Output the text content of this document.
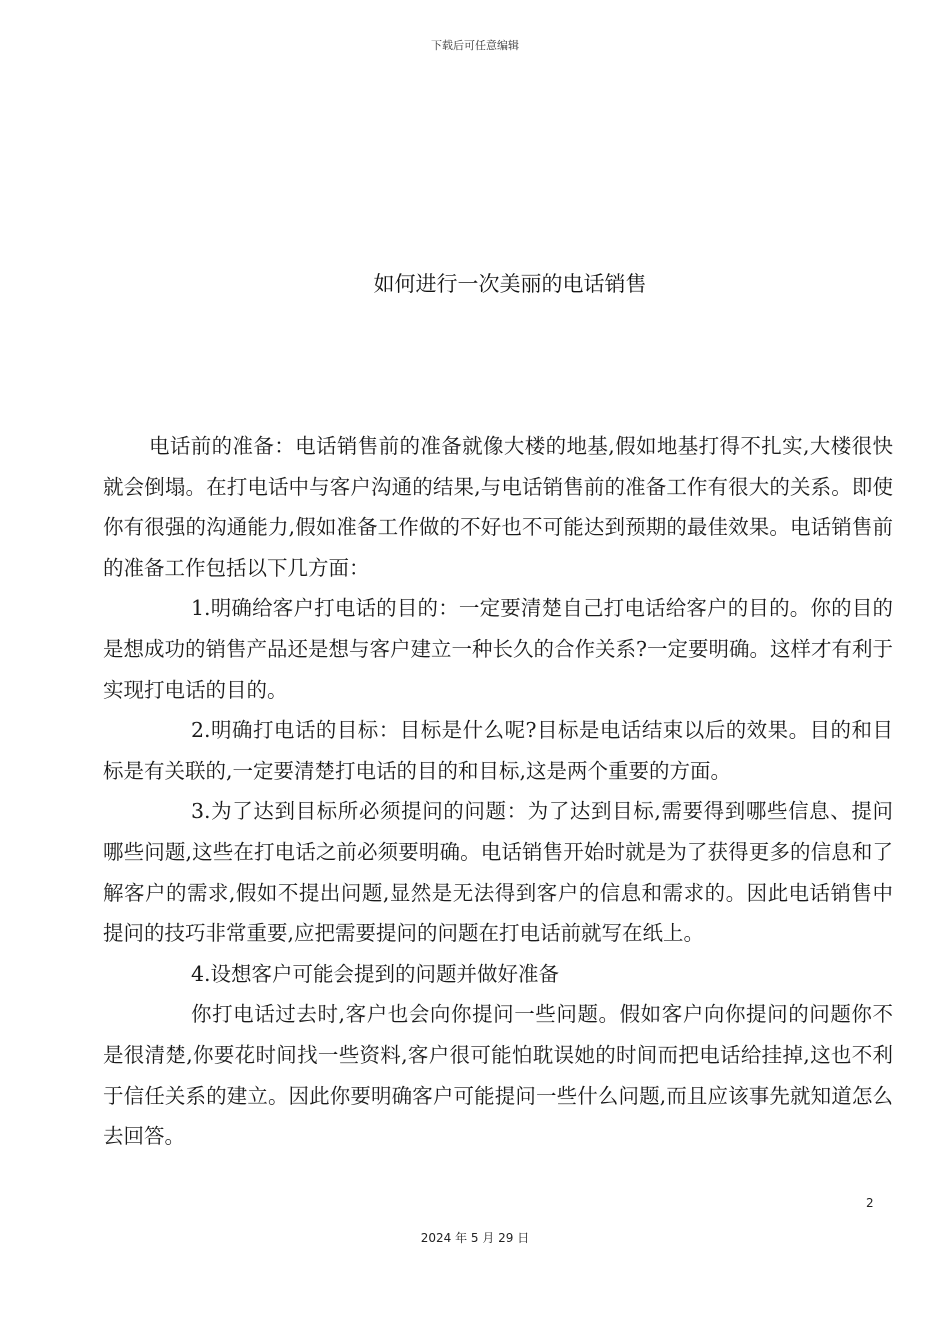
下载后可任意编辑
如何进行一次美丽的电话销售

电话前的准备：电话销售前的准备就像大楼的地基,假如地基打得不扎实,大楼很快就会倒塌。在打电话中与客户沟通的结果,与电话销售前的准备工作有很大的关系。即使你有很强的沟通能力,假如准备工作做的不好也不可能达到预期的最佳效果。电话销售前的准备工作包括以下几方面：

1.明确给客户打电话的目的：一定要清楚自己打电话给客户的目的。你的目的是想成功的销售产品还是想与客户建立一种长久的合作关系?一定要明确。这样才有利于实现打电话的目的。

2.明确打电话的目标：目标是什么呢?目标是电话结束以后的效果。目的和目标是有关联的,一定要清楚打电话的目的和目标,这是两个重要的方面。

3.为了达到目标所必须提问的问题：为了达到目标,需要得到哪些信息、提问哪些问题,这些在打电话之前必须要明确。电话销售开始时就是为了获得更多的信息和了解客户的需求,假如不提出问题,显然是无法得到客户的信息和需求的。因此电话销售中提问的技巧非常重要,应把需要提问的问题在打电话前就写在纸上。

4.设想客户可能会提到的问题并做好准备

你打电话过去时,客户也会向你提问一些问题。假如客户向你提问的问题你不是很清楚,你要花时间找一些资料,客户很可能怕耽误她的时间而把电话给挂掉,这也不利于信任关系的建立。因此你要明确客户可能提问一些什么问题,而且应该事先就知道怎么去回答。

2
2024 年 5 月 29 日
